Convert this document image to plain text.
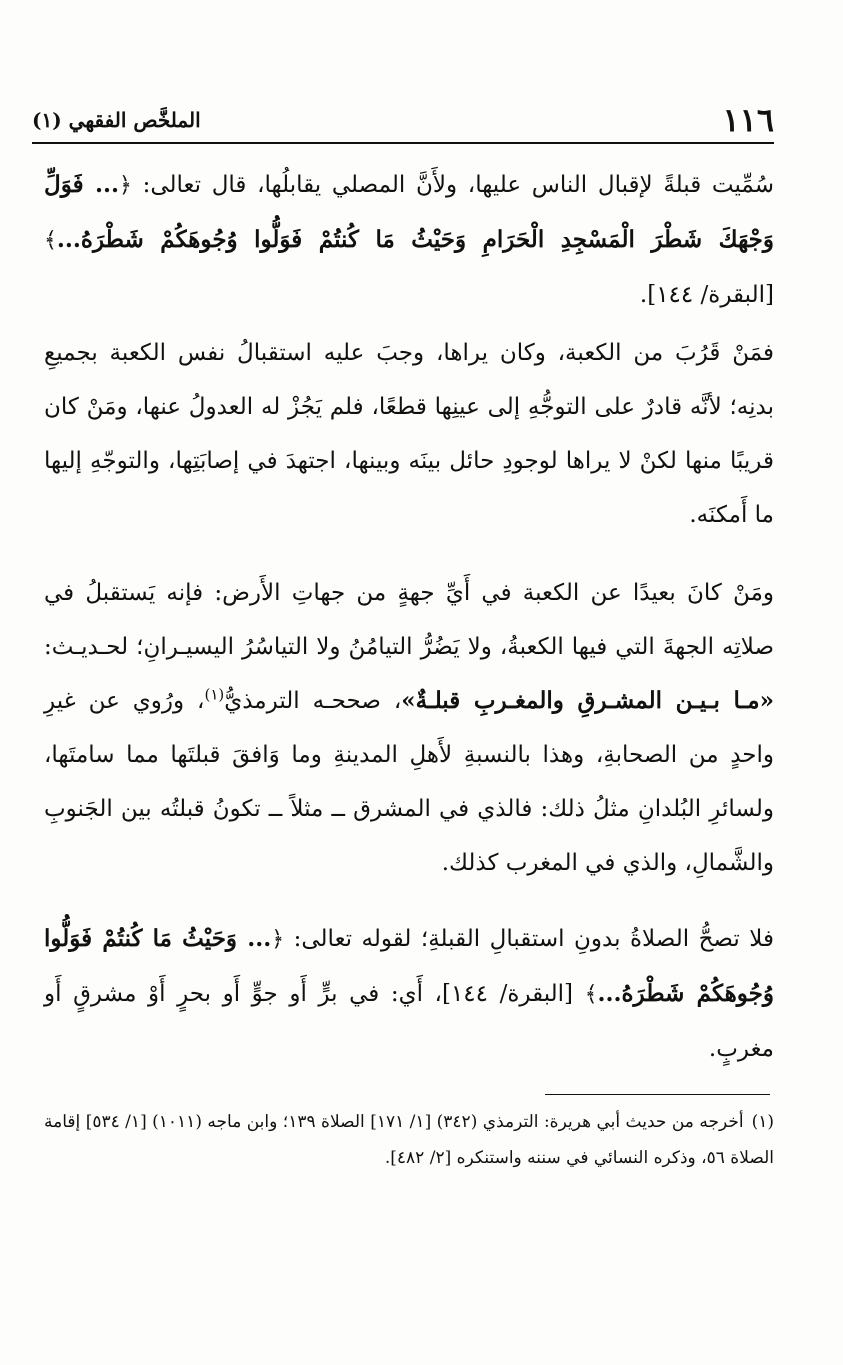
الملخَّص الفقهي (١)	١١٦

سُمِّيت قبلةً لإقبال الناس عليها، ولأَنَّ المصلي يقابلُها، قال تعالى: ﴿... فَوَلِّ وَجْهَكَ شَطْرَ الْمَسْجِدِ الْحَرَامِ وَحَيْثُ مَا كُنتُمْ فَوَلُّوا وُجُوهَكُمْ شَطْرَهُ...﴾ [البقرة/ ١٤٤].

فمَنْ قَرُبَ من الكعبة، وكان يراها، وجبَ عليه استقبالُ نفس الكعبة بجميعِ بدنِه؛ لأنَّه قادرٌ على التوجُّهِ إلى عينِها قطعًا، فلم يَجُزْ له العدولُ عنها، ومَنْ كان قريبًا منها لكنْ لا يراها لوجودِ حائل بينَه وبينها، اجتهدَ في إصابَتِها، والتوجّهِ إليها ما أَمكنَه.

ومَنْ كانَ بعيدًا عن الكعبة في أَيِّ جهةٍ من جهاتِ الأَرض: فإنه يَستقبلُ في صلاتِه الجهةَ التي فيها الكعبةُ، ولا يَضُرُّ التيامُنُ ولا التياسُرُ اليسيـرانِ؛ لحـديـث: «مـا بـيـن المشـرقِ والمغـربِ قبلـةٌ»، صححـه الترمذيُّ$^{(١)}$، ورُوي عن غيرِ واحدٍ من الصحابةِ، وهذا بالنسبةِ لأَهلِ المدينةِ وما وَافقَ قبلتَها مما سامتَها، ولسائرِ البُلدانِ مثلُ ذلك: فالذي في المشرق ــ مثلاً ــ تكونُ قبلتُه بين الجَنوبِ والشَّمالِ، والذي في المغرب كذلك.

فلا تصحُّ الصلاةُ بدونِ استقبالِ القبلةِ؛ لقوله تعالى: ﴿... وَحَيْثُ مَا كُنتُمْ فَوَلُّوا وُجُوهَكُمْ شَطْرَهُ...﴾ [البقرة/ ١٤٤]، أَي: في برٍّ أَو جوٍّ أَو بحرٍ أَوْ مشرقٍ أَو مغربٍ.

(١)أخرجه من حديث أبي هريرة: الترمذي (٣٤٢) [١/ ١٧١] الصلاة ١٣٩؛ وابن ماجه (١٠١١) [١/ ٥٣٤] إقامة الصلاة ٥٦، وذكره النسائي في سننه واستنكره [٢/ ٤٨٢].
